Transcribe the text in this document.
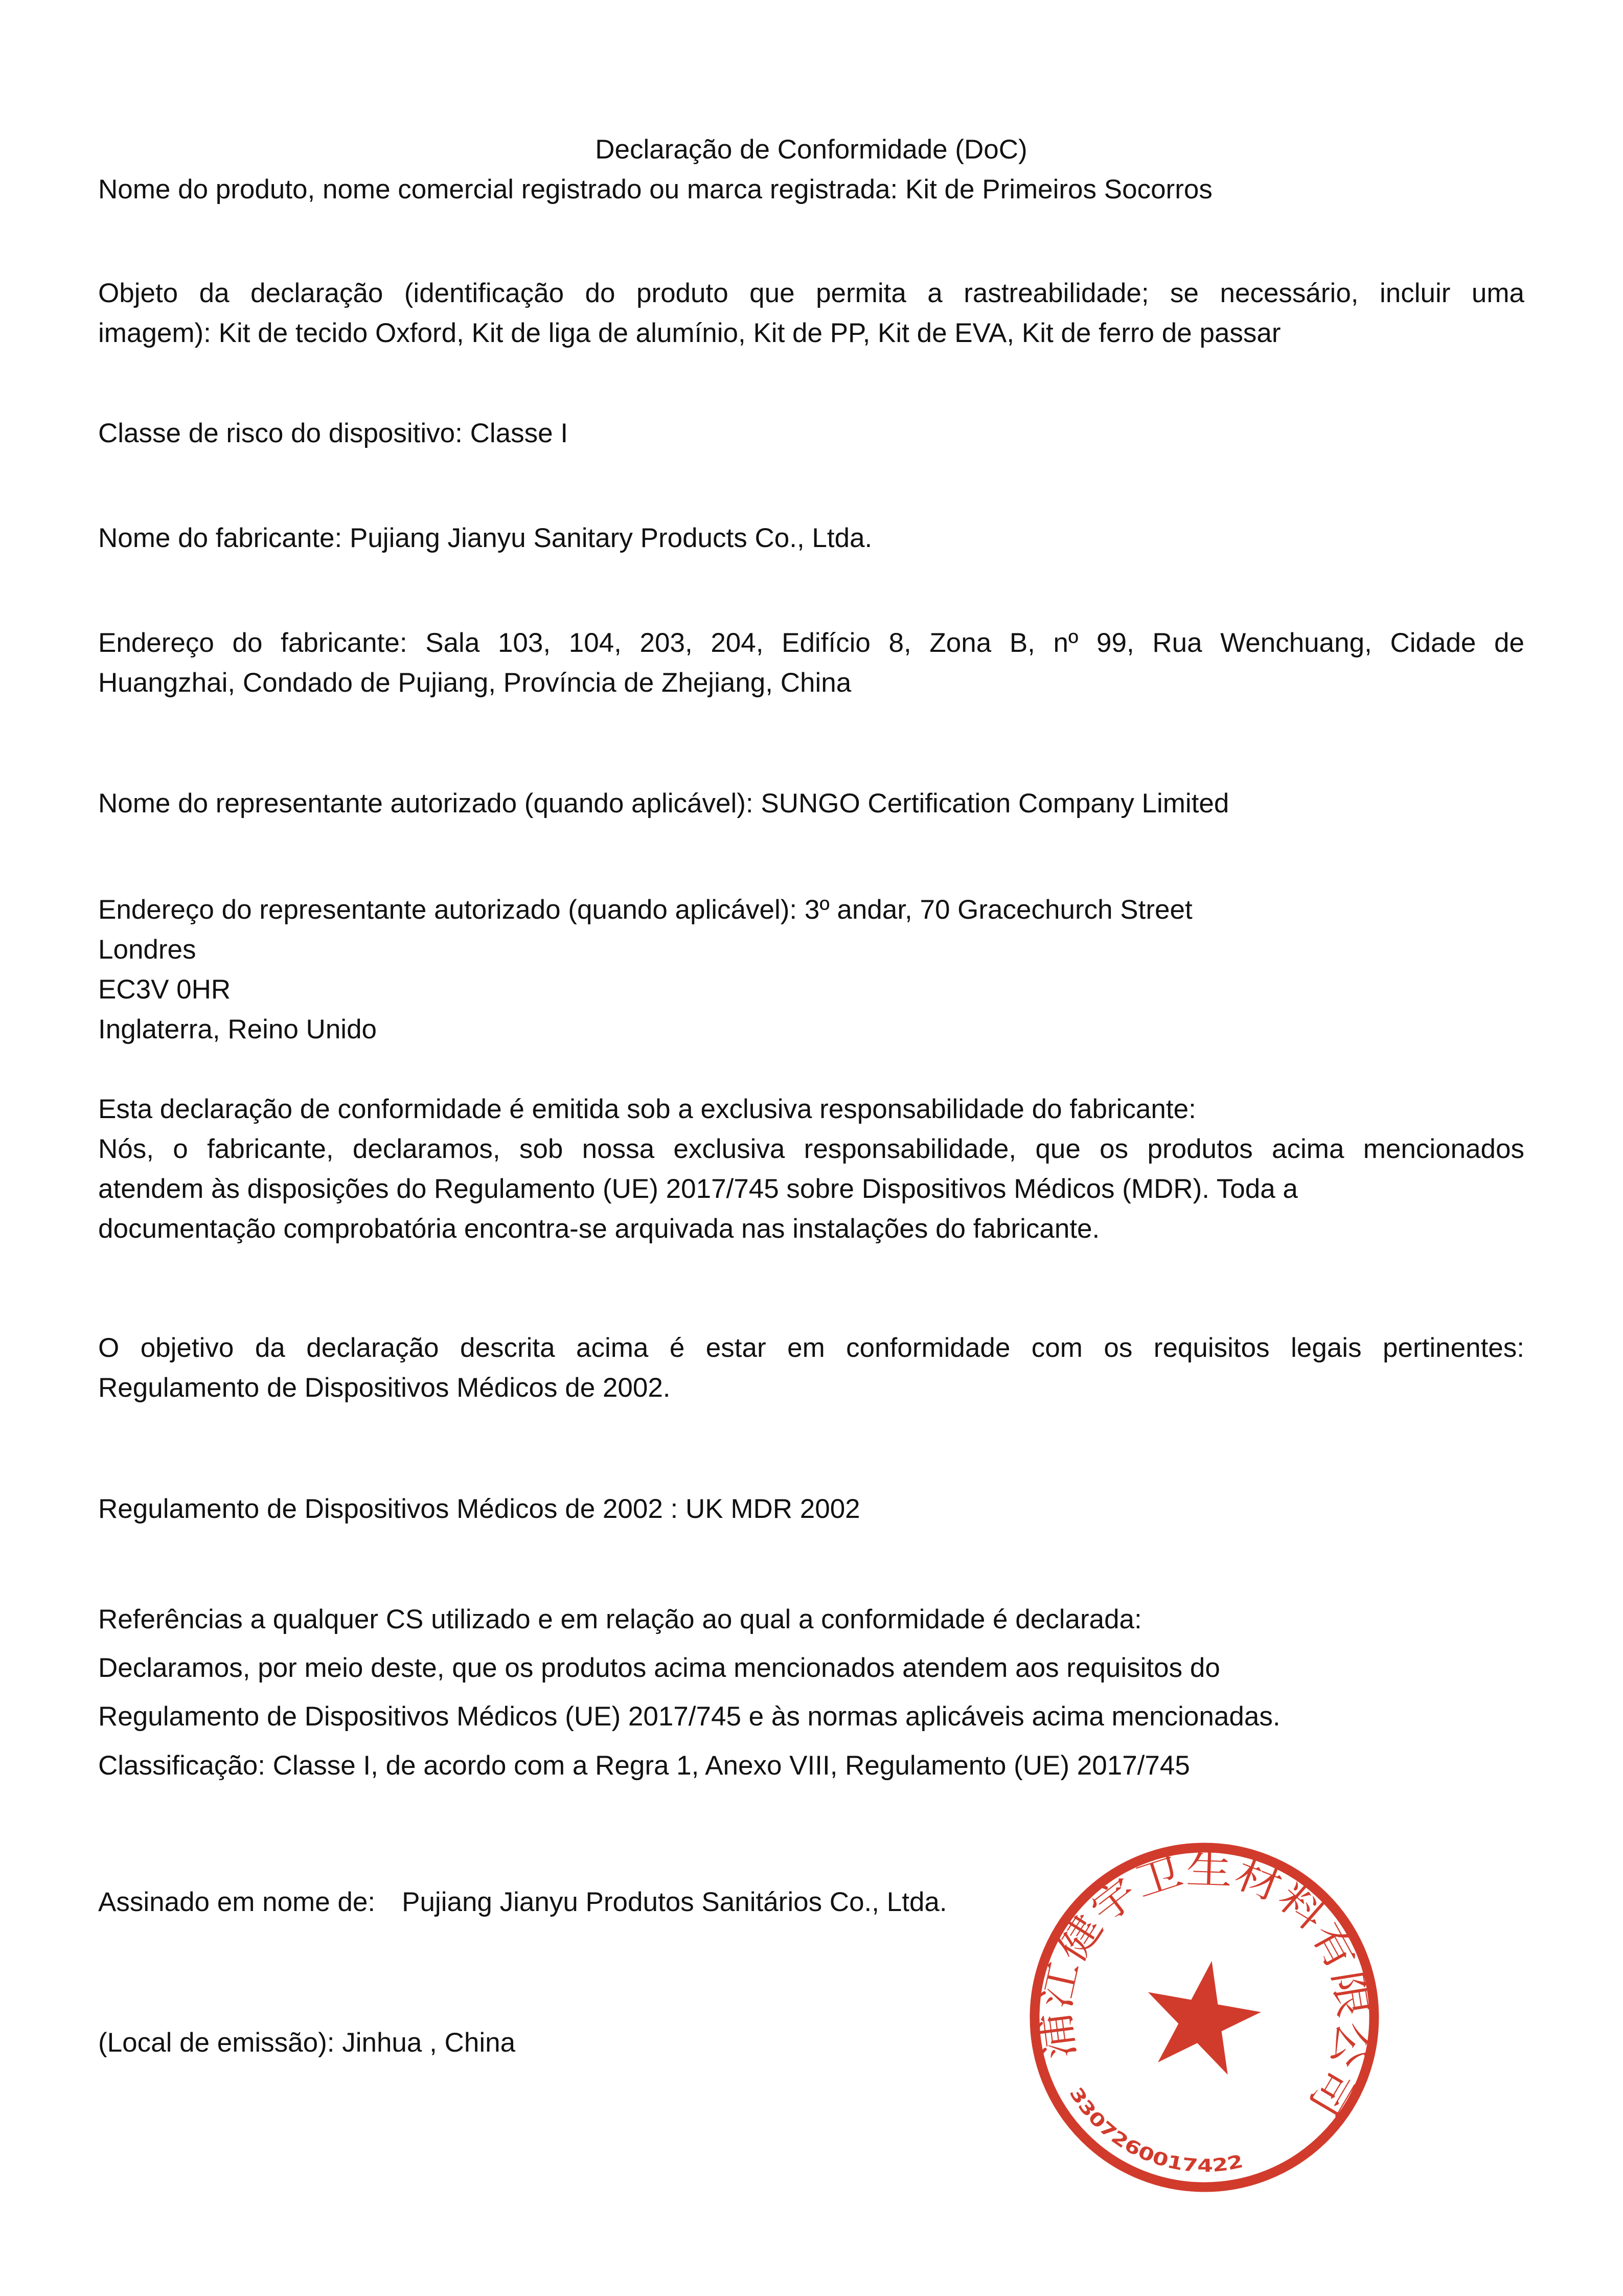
Declaração de Conformidade (DoC)
Nome do produto, nome comercial registrado ou marca registrada: Kit de Primeiros Socorros
Objeto da declaração (identificação do produto que permita a rastreabilidade; se necessário, incluir uma
imagem): Kit de tecido Oxford, Kit de liga de alumínio, Kit de PP, Kit de EVA, Kit de ferro de passar
Classe de risco do dispositivo: Classe I
Nome do fabricante: Pujiang Jianyu Sanitary Products Co., Ltda.
Endereço do fabricante: Sala 103, 104, 203, 204, Edifício 8, Zona B, nº 99, Rua Wenchuang, Cidade de
Huangzhai, Condado de Pujiang, Província de Zhejiang, China
Nome do representante autorizado (quando aplicável): SUNGO Certification Company Limited
Endereço do representante autorizado (quando aplicável): 3º andar, 70 Gracechurch Street
Londres
EC3V 0HR
Inglaterra, Reino Unido
Esta declaração de conformidade é emitida sob a exclusiva responsabilidade do fabricante:
Nós, o fabricante, declaramos, sob nossa exclusiva responsabilidade, que os produtos acima mencionados
atendem às disposições do Regulamento (UE) 2017/745 sobre Dispositivos Médicos (MDR). Toda a
documentação comprobatória encontra-se arquivada nas instalações do fabricante.
O objetivo da declaração descrita acima é estar em conformidade com os requisitos legais pertinentes:
Regulamento de Dispositivos Médicos de 2002.
Regulamento de Dispositivos Médicos de 2002 : UK MDR 2002
Referências a qualquer CS utilizado e em relação ao qual a conformidade é declarada:
Declaramos, por meio deste, que os produtos acima mencionados atendem aos requisitos do
Regulamento de Dispositivos Médicos (UE) 2017/745 e às normas aplicáveis acima mencionadas.
Classificação: Classe I, de acordo com a Regra 1, Anexo VIII, Regulamento (UE) 2017/745
Assinado em nome de: Pujiang Jianyu Produtos Sanitários Co., Ltda.
(Local de emissão): Jinhua , China	浦江健宇卫生材料有限公司
3307260017422
